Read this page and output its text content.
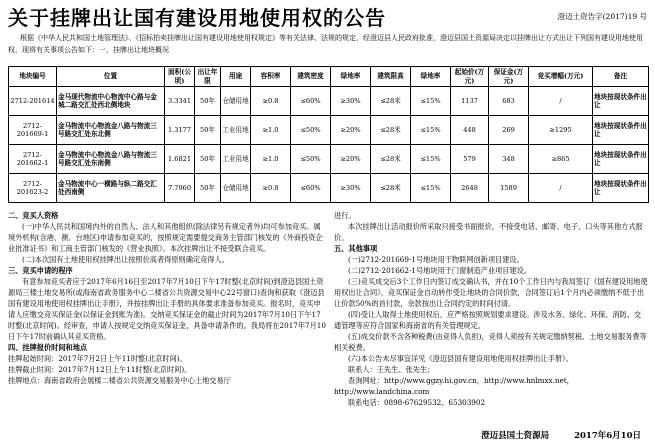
关于挂牌出让国有建设用地使用权的公告	澄迈土资告字(2017)19 号
根据《中华人民共和国土地管理法》、《招标拍卖挂牌出让国有建设用地使用权规定》等有关法律、法规的规定，经澄迈县人民政府批准，澄迈县国土资源局决定以挂牌出让方式出让下列国有建设用地使用权，现将有关事项公告如下：一、挂牌出让地块概况
地块编号	位置	面积(公顷)	出让年限	用途	容积率	建筑密度	绿地率	建筑限高	绿地率	起始价(万元)	保证金(万元)	竞买增幅(万元)	备注
2712-201614	金马现代物流中心物流中心路与金城二路交汇处西北侧地块	3.3341	50年	仓储用地	≥0.8	≤60%	≥30%	≤28米	≤15%	1137	683	/	地块按现状条件出让
2712-201669-1	金马物流中心物流金八路与物流三号路交汇处东北侧	1.3177	50年	工业用地	≥1.0	≤50%	≥20%	≤28米	≤15%	448	269	≥1295	地块按现状条件出让
2712-201662-1	金马物流中心物流金八路与物流三号路交汇处东南侧	1.6821	50年	工业用地	≥1.0	≤50%	≥20%	≤28米	≤15%	579	348	≥865	地块按现状条件出让
2712-201623-2	金马物流中心一横路与纵二路交汇处西南侧	7.7960	50年	仓储用地	≥0.8	≤60%	≥30%	≤28米	≤15%	2648	1589	/	地块按现状条件出让

二、竞买人资格

(一)中华人民共和国境内外的自然人、法人和其他组织(除法律另有规定者外)均可参加竞买。属境外机构(含港、澳、台地区)申请参加竞买的，按照规定需要提交商务主管部门核发的《外商投资企业批准证书》和工商主管部门核发的《营业执照》。本次挂牌出让不接受联合竞买。

(二)本次国有土地使用权挂牌出让按照价高者得原则确定竞得人。

三、竞买申请的程序

有意参加竞买者应于2017年6月16日至2017年7月10日下午17时整(北京时间)到澄迈县国土资源局三楼土地交易所(或海南省政务服务中心二楼省公共资源交易中心22号窗口)查询和获取《澄迈县国有建设用地使用权挂牌出让手册》，并按挂牌出让手册的具体要求准备参加竞买。报名时，竞买申请人应缴交竞买保证金(以保证金到账为准)。交纳竞买保证金的截止时间为2017年7月10日下午17时整(北京时间)。经审查，申请人按规定交纳竞买保证金，具备申请条件的，我局将在2017年7月10日下午17时前确认其竞买资格。

四、挂牌报价时间和地点

挂牌起始时间：2017年7月2日上午11时整(北京时间)。

挂牌截止时间：2017年7月12日上午11时整(北京时间)。

挂牌地点：海南省政府会展楼二楼省公共资源交易服务中心土地交易厅

进行。

本次挂牌出让活动报价所采取只接受书面报价，不接受电话、邮寄、电子、口头等其他方式报价。

五、其他事项

(一)2712-201669-1号地块用于物联网创新项目建设。

(二)2712-201662-1号地块用于门窗制造产业项目建设。

(三)竞买成交后3个工作日内签订成交确认书，并在10个工作日内与我局签订《国有建设用地使用权出让合同》，竞买保证金自动转作受让地块的合同价款，合同签订后1个月内必须缴纳不低于出让价款50%的首付款，余款按出让合同约定的时间付清。

(四)受让人取得土地使用权后，应严格按照规划要求建设。涉及水务、绿化、环保、消防、交通管理等应符合国家和海南省的有关管理规定。

(五)成交价款不含各种税费(由竞得人负担)，竞得人须按有关规定缴纳契税、土地交易服务费等相关税费。

(六)本公告未尽事宜详见《澄迈县国有建设用地使用权挂牌出让手册》。

联系人：王先生、张先生；

查询网址：http://www.ggzy.hi.gov.cn，http://www.hnlmxx.net，http://www.landchina.com

联系电话：0898-67629532、65303902

澄迈县国土资源局	2017年6月10日
